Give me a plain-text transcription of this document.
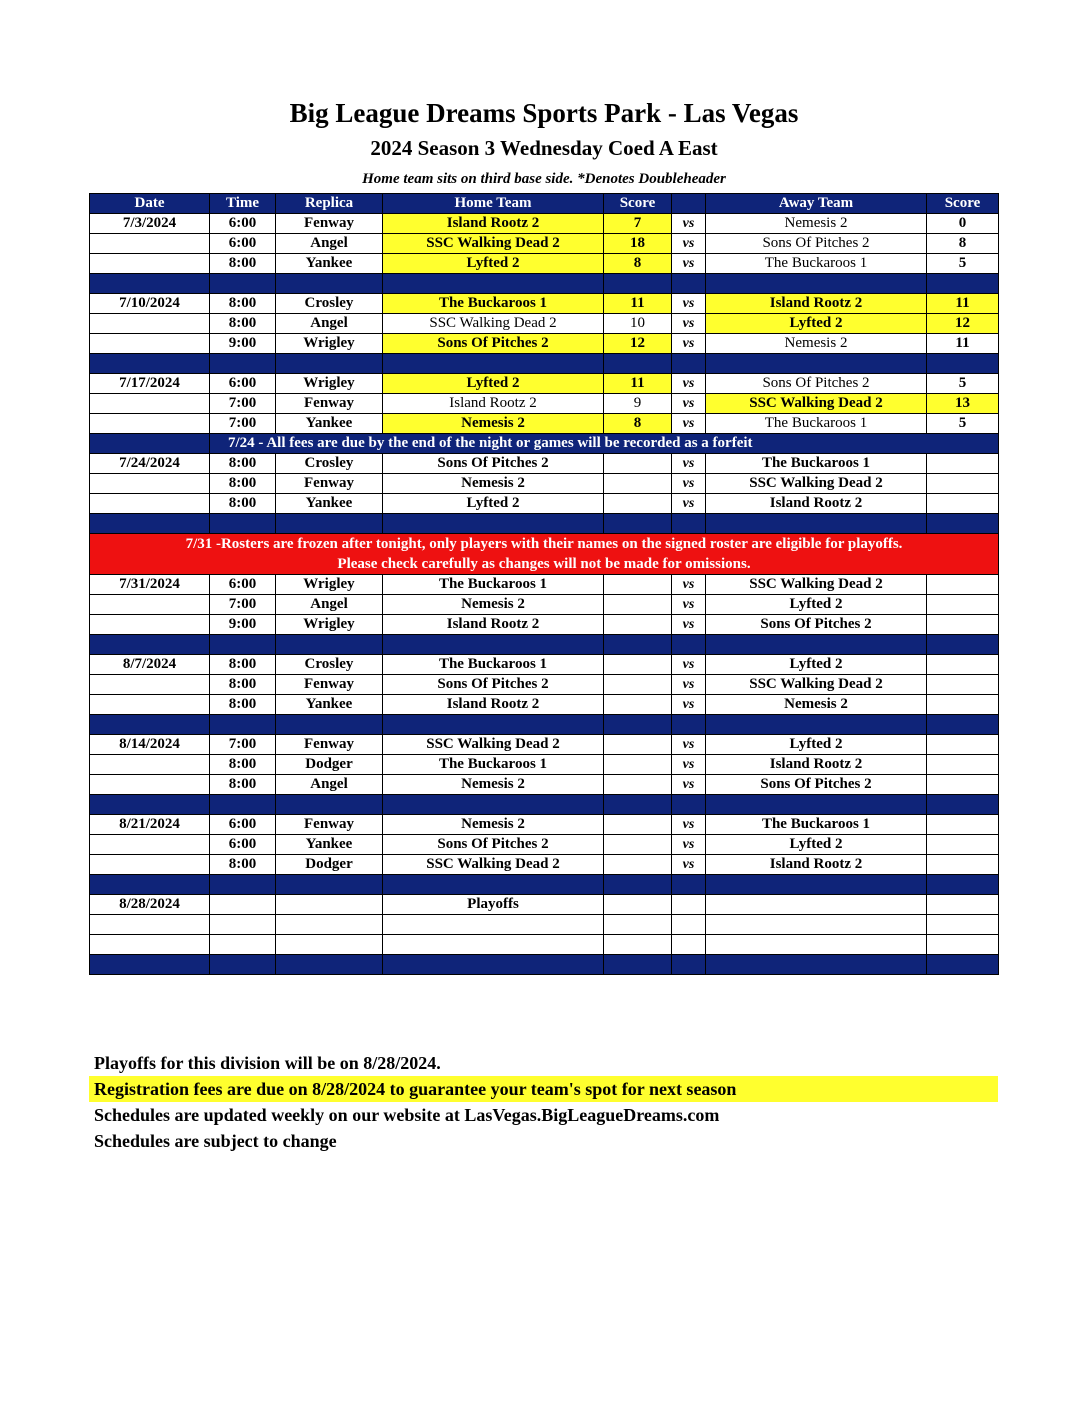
Big League Dreams Sports Park - Las Vegas
2024 Season 3 Wednesday Coed A East
Home team sits on third base side. *Denotes Doubleheader
Date	Time	Replica	Home Team	Score		Away Team	Score
7/3/2024	6:00	Fenway	Island Rootz 2	7	vs	Nemesis 2	0
	6:00	Angel	SSC Walking Dead 2	18	vs	Sons Of Pitches 2	8
	8:00	Yankee	Lyfted 2	8	vs	The Buckaroos 1	5

7/10/2024	8:00	Crosley	The Buckaroos 1	11	vs	Island Rootz 2	11
	8:00	Angel	SSC Walking Dead 2	10	vs	Lyfted 2	12
	9:00	Wrigley	Sons Of Pitches 2	12	vs	Nemesis 2	11

7/17/2024	6:00	Wrigley	Lyfted 2	11	vs	Sons Of Pitches 2	5
	7:00	Fenway	Island Rootz 2	9	vs	SSC Walking Dead 2	13
	7:00	Yankee	Nemesis 2	8	vs	The Buckaroos 1	5
	7/24 - All fees are due by the end of the night or games will be recorded as a forfeit						
7/24/2024	8:00	Crosley	Sons Of Pitches 2		vs	The Buckaroos 1	
	8:00	Fenway	Nemesis 2		vs	SSC Walking Dead 2	
	8:00	Yankee	Lyfted 2		vs	Island Rootz 2	

7/31 -Rosters are frozen after tonight, only players with their names on the signed roster are eligible for playoffs.
Please check carefully as changes will not be made for omissions.							

7/31/2024	6:00	Wrigley	The Buckaroos 1		vs	SSC Walking Dead 2	
	7:00	Angel	Nemesis 2		vs	Lyfted 2	
	9:00	Wrigley	Island Rootz 2		vs	Sons Of Pitches 2	

8/7/2024	8:00	Crosley	The Buckaroos 1		vs	Lyfted 2	
	8:00	Fenway	Sons Of Pitches 2		vs	SSC Walking Dead 2	
	8:00	Yankee	Island Rootz 2		vs	Nemesis 2	

8/14/2024	7:00	Fenway	SSC Walking Dead 2		vs	Lyfted 2	
	8:00	Dodger	The Buckaroos 1		vs	Island Rootz 2	
	8:00	Angel	Nemesis 2		vs	Sons Of Pitches 2	

8/21/2024	6:00	Fenway	Nemesis 2		vs	The Buckaroos 1	
	6:00	Yankee	Sons Of Pitches 2		vs	Lyfted 2	
	8:00	Dodger	SSC Walking Dead 2		vs	Island Rootz 2	

8/28/2024			Playoffs				

Playoffs for this division will be on 8/28/2024.
Registration fees are due on 8/28/2024 to guarantee your team's spot for next season
Schedules are updated weekly on our website at LasVegas.BigLeagueDreams.com
Schedules are subject to change
